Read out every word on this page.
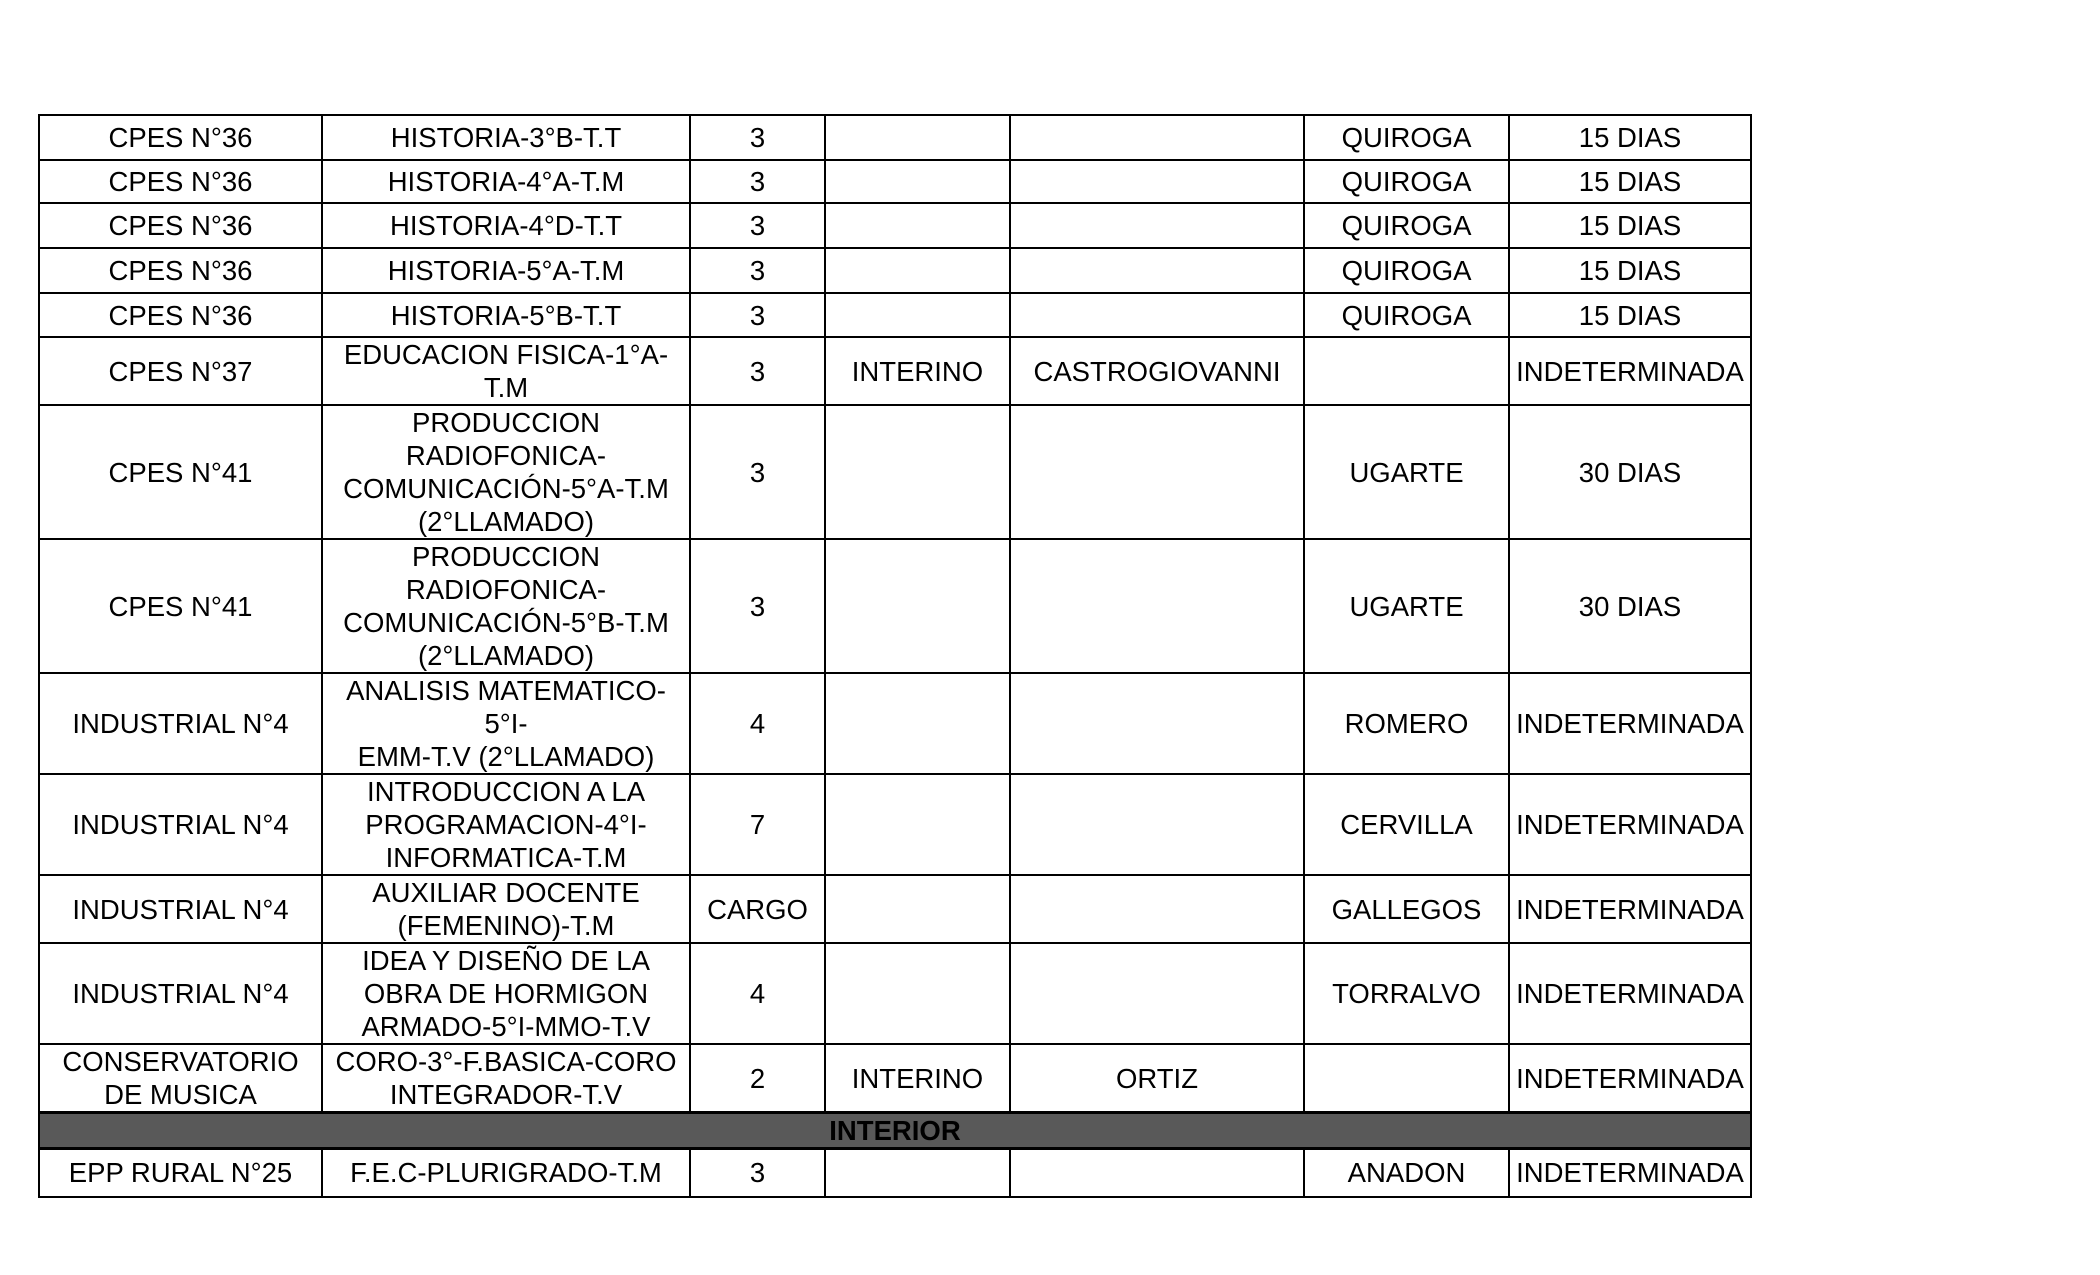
CPES N°36	HISTORIA-3°B-T.T	3			QUIROGA	15 DIAS
CPES N°36	HISTORIA-4°A-T.M	3			QUIROGA	15 DIAS
CPES N°36	HISTORIA-4°D-T.T	3			QUIROGA	15 DIAS
CPES N°36	HISTORIA-5°A-T.M	3			QUIROGA	15 DIAS
CPES N°36	HISTORIA-5°B-T.T	3			QUIROGA	15 DIAS
CPES N°37	EDUCACION FISICA-1°A-
T.M	3	INTERINO	CASTROGIOVANNI		INDETERMINADA
CPES N°41	PRODUCCION
RADIOFONICA-
COMUNICACIÓN-5°A-T.M
(2°LLAMADO)	3			UGARTE	30 DIAS
CPES N°41	PRODUCCION
RADIOFONICA-
COMUNICACIÓN-5°B-T.M
(2°LLAMADO)	3			UGARTE	30 DIAS
INDUSTRIAL N°4	ANALISIS MATEMATICO-5°I-
EMM-T.V (2°LLAMADO)	4			ROMERO	INDETERMINADA
INDUSTRIAL N°4	INTRODUCCION A LA
PROGRAMACION-4°I-
INFORMATICA-T.M	7			CERVILLA	INDETERMINADA
INDUSTRIAL N°4	AUXILIAR DOCENTE
(FEMENINO)-T.M	CARGO			GALLEGOS	INDETERMINADA
INDUSTRIAL N°4	IDEA Y DISEÑO DE LA
OBRA DE HORMIGON
ARMADO-5°I-MMO-T.V	4			TORRALVO	INDETERMINADA
CONSERVATORIO
DE MUSICA	CORO-3°-F.BASICA-CORO
INTEGRADOR-T.V	2	INTERINO	ORTIZ		INDETERMINADA
INTERIOR						
EPP RURAL N°25	F.E.C-PLURIGRADO-T.M	3			ANADON	INDETERMINADA
